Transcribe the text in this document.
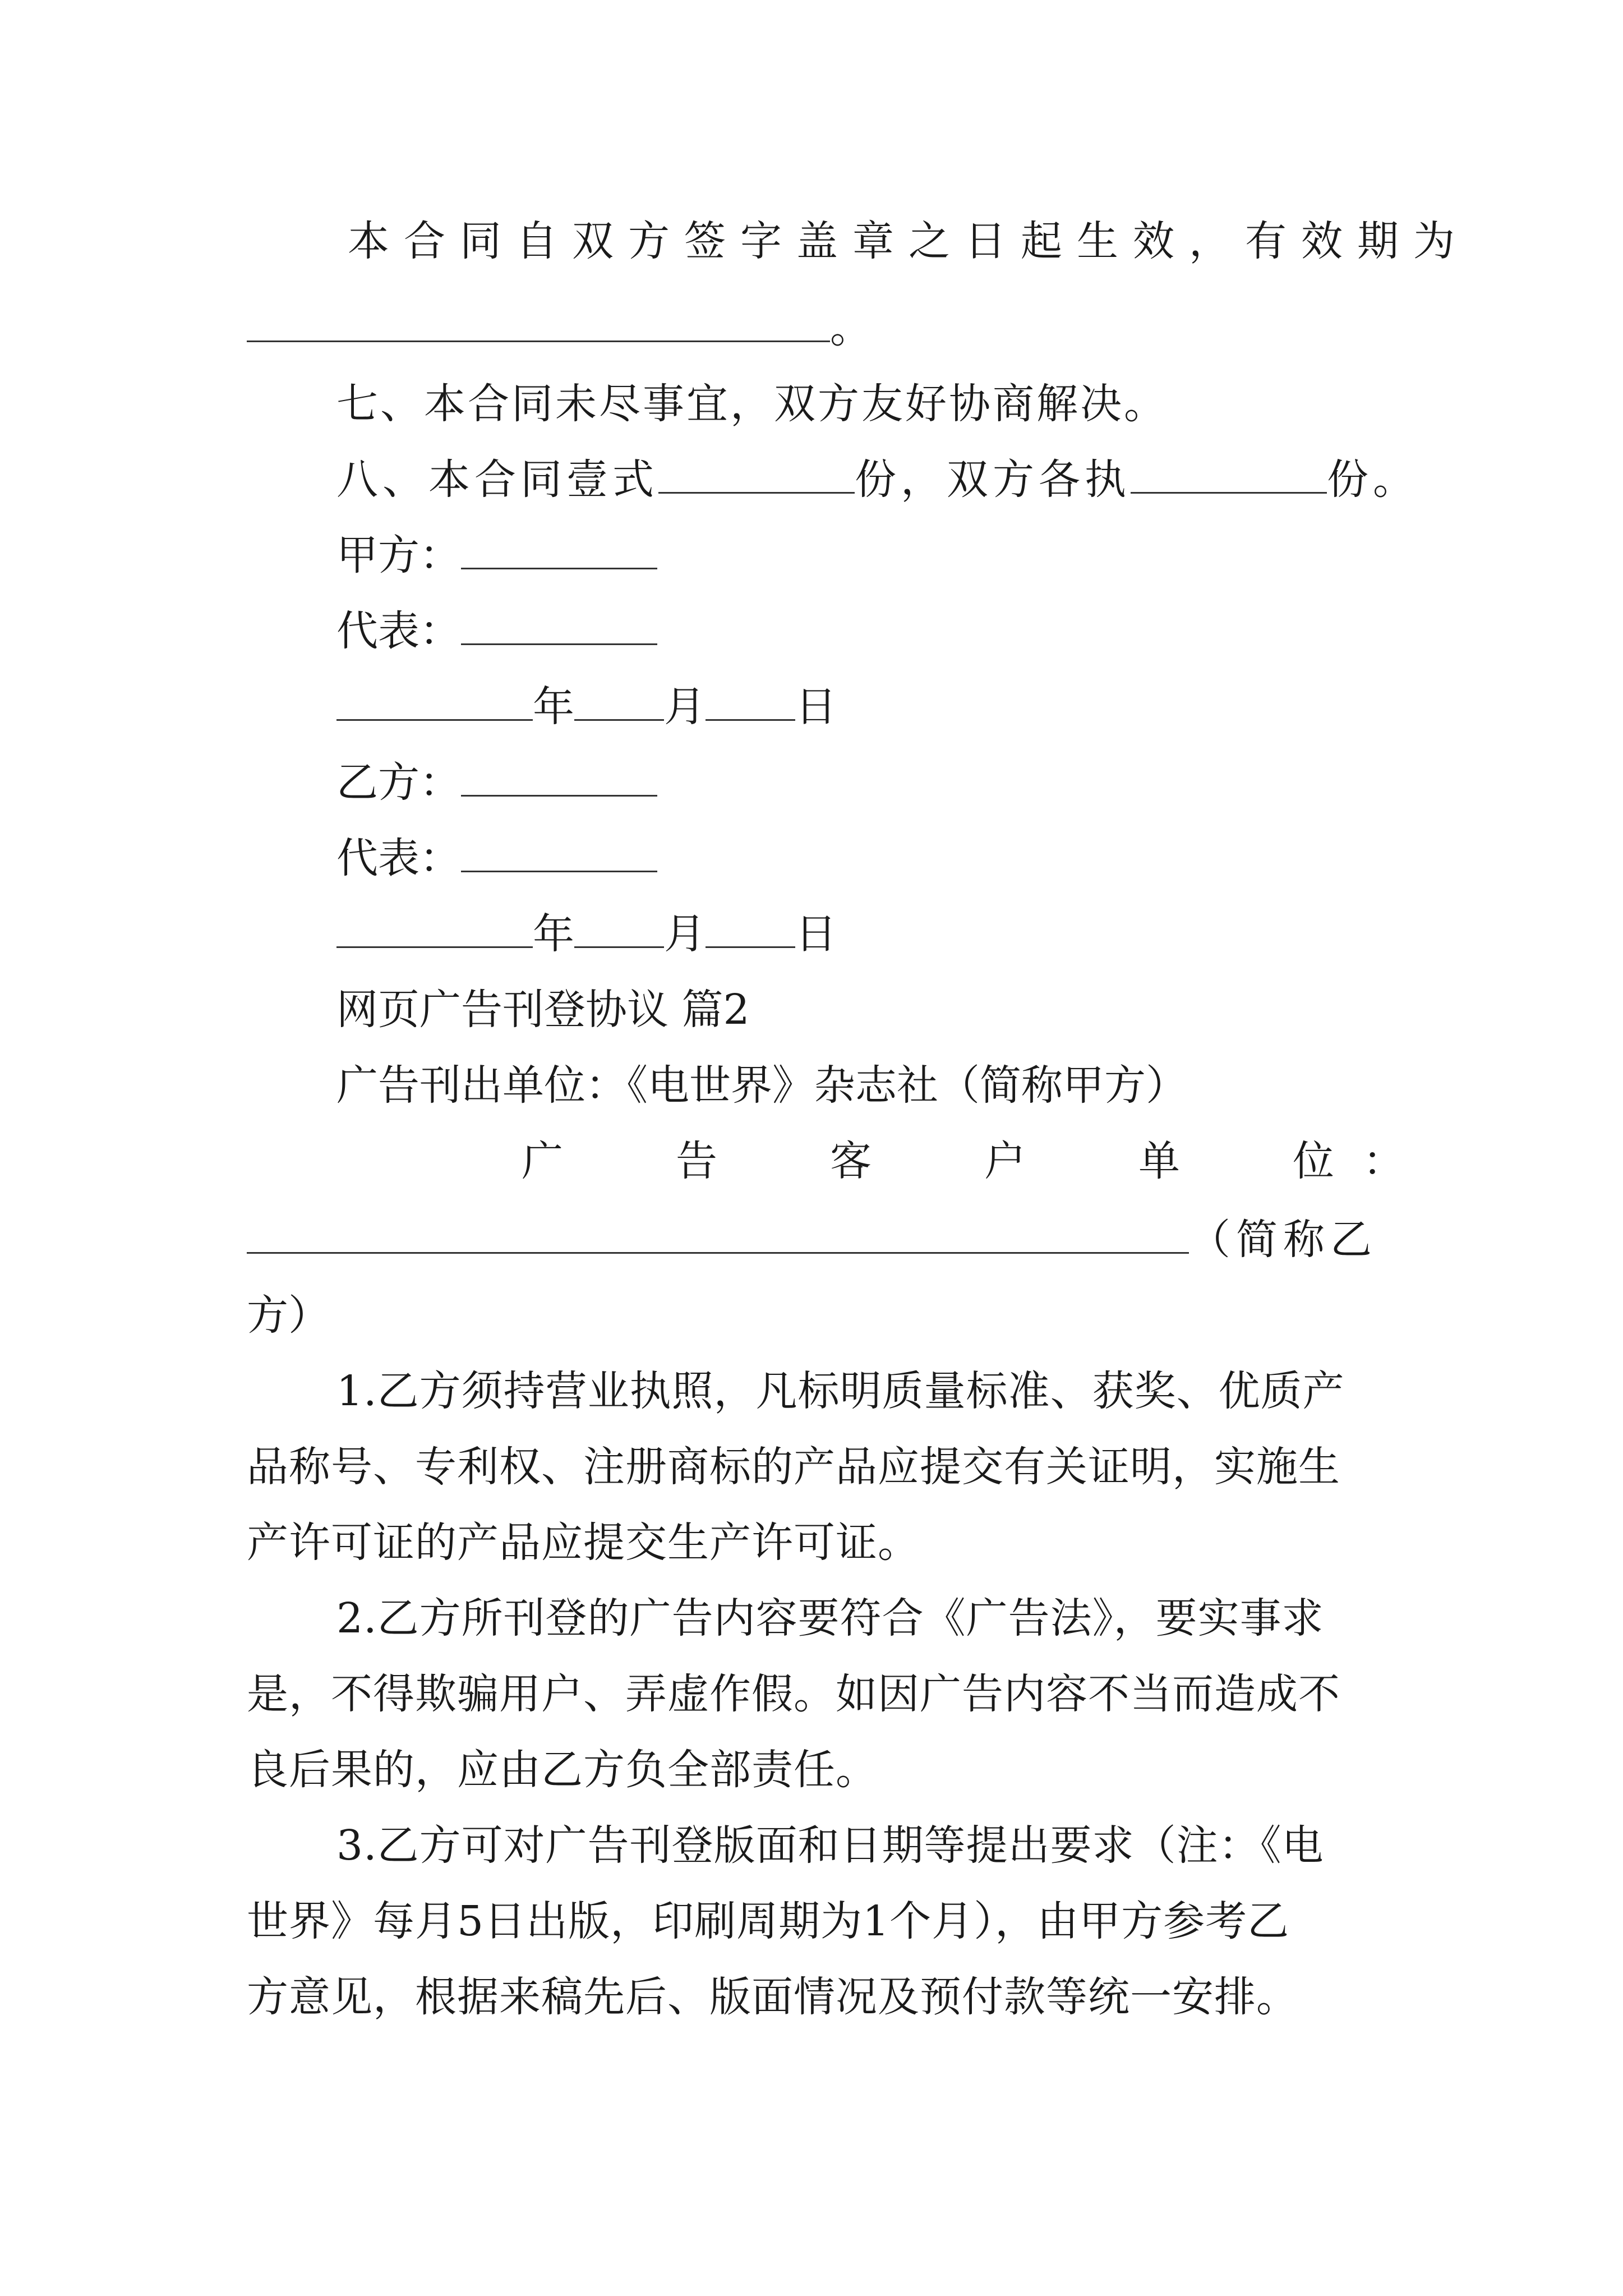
本合同自双方签字盖章之日起生效，有效期为
。
七、本合同未尽事宜，双方友好协商解决。
八、本合同壹式	份，双方各执	份。
甲方：
代表：
年 月 日
乙方：
代表：
年 月 日
网页广告刊登协议 篇2
广告刊出单位：《电世界》杂志社（简称甲方）
广	告	客	户	单	位 ：
（简称乙
方）
1.乙方须持营业执照，凡标明质量标准、获奖、优质产
品称号、专利权、注册商标的产品应提交有关证明，实施生
产许可证的产品应提交生产许可证。
2.乙方所刊登的广告内容要符合《广告法》，要实事求
是，不得欺骗用户、弄虚作假。如因广告内容不当而造成不
良后果的，应由乙方负全部责任。
3.乙方可对广告刊登版面和日期等提出要求（注：《电
世界》每月5日出版，印刷周期为1个月），由甲方参考乙
方意见，根据来稿先后、版面情况及预付款等统一安排。
